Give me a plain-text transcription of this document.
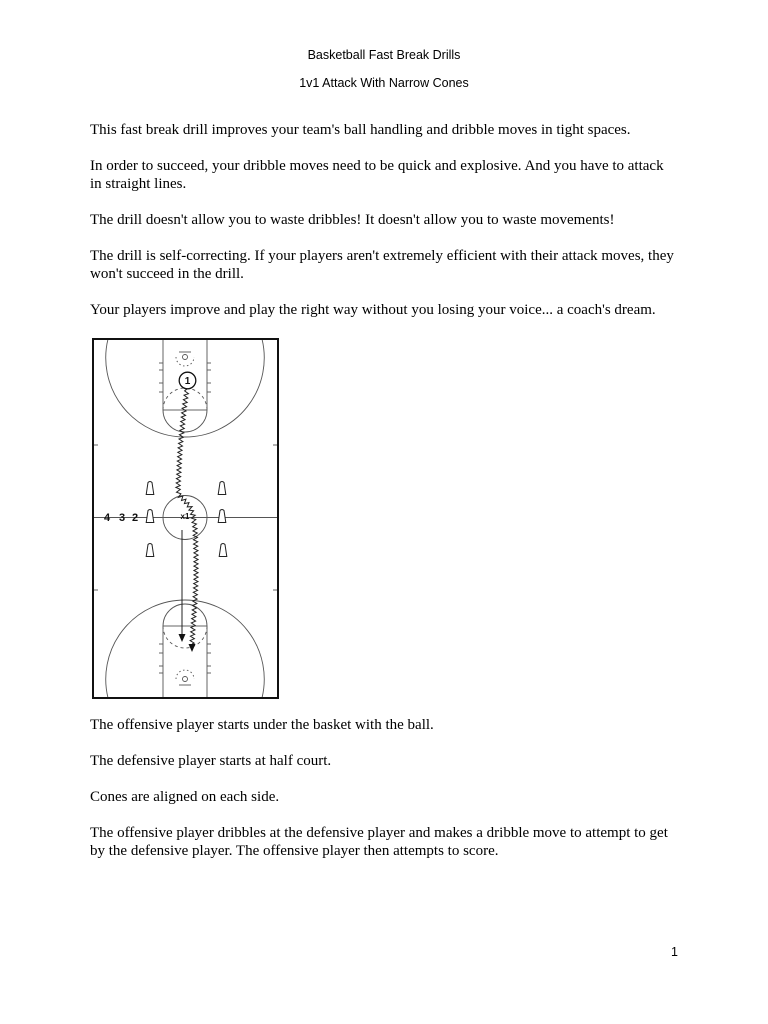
Basketball Fast Break Drills
1v1 Attack With Narrow Cones

This fast break drill improves your team's ball handling and dribble moves in tight spaces.

In order to succeed, your dribble moves need to be quick and explosive. And you have to attack
in straight lines.

The drill doesn't allow you to waste dribbles! It doesn't allow you to waste movements!

The drill is self-correcting. If your players aren't extremely efficient with their attack moves, they
won't succeed in the drill.

Your players improve and play the right way without you losing your voice... a coach's dream.

4 3 2	x1
1

The offensive player starts under the basket with the ball.

The defensive player starts at half court.

Cones are aligned on each side.

The offensive player dribbles at the defensive player and makes a dribble move to attempt to get
by the defensive player. The offensive player then attempts to score.

1
